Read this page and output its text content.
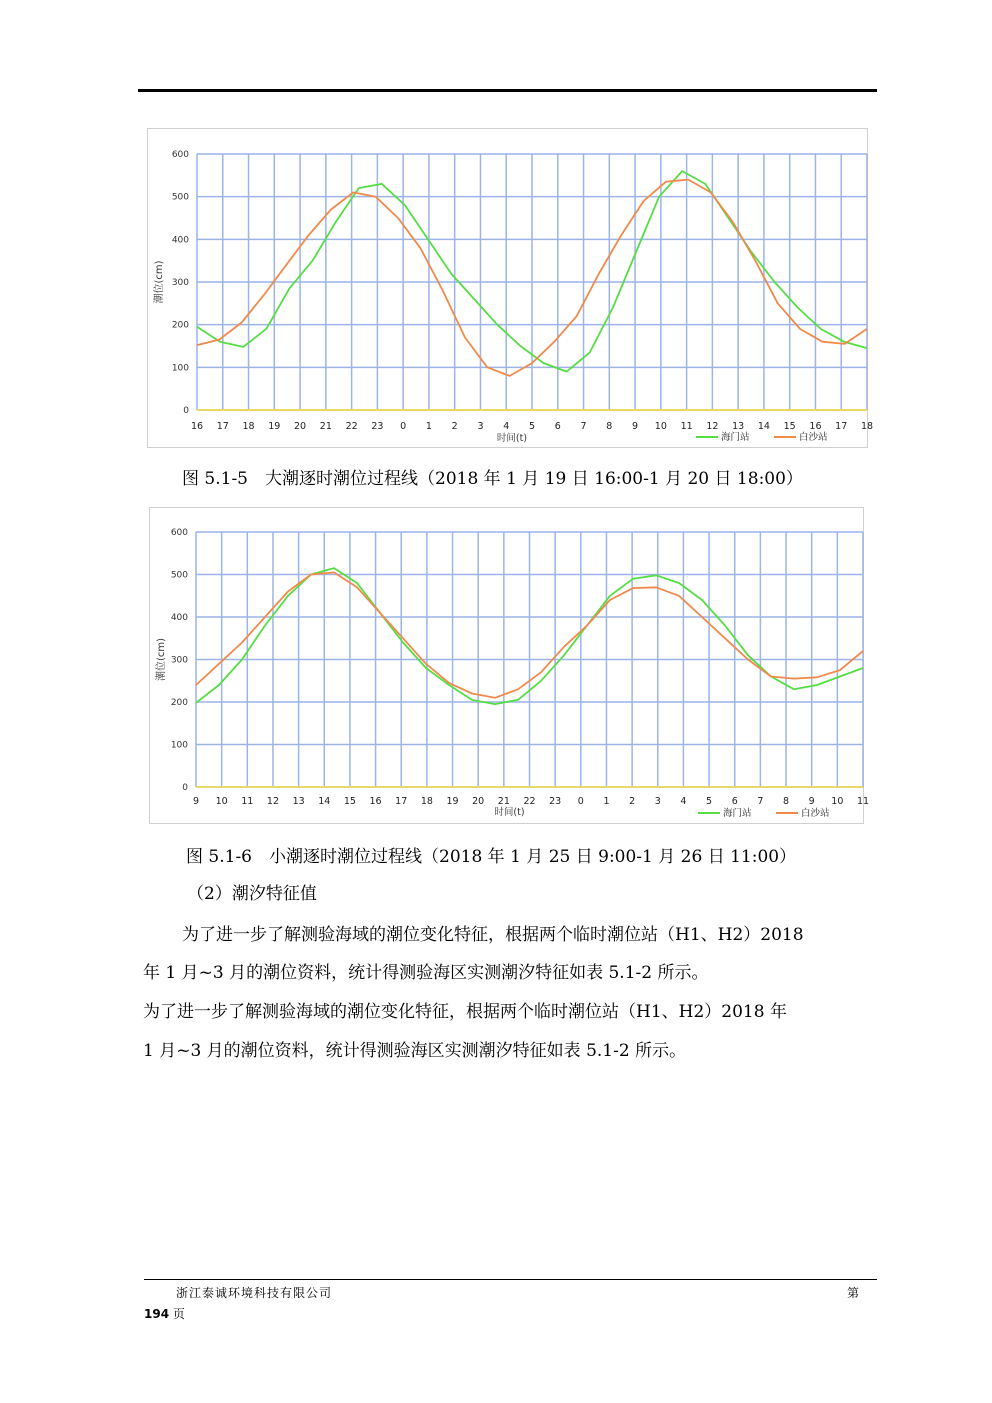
0
100
200
300
400
500
600
16 17 18 19 20 21 22 23 0 1 2 3 4 5 6 7 8 9 10 11 12 13 14 15 16 17 18
潮位(cm)
时间(t)	海门站	白沙站
图 5.1-5　大潮逐时潮位过程线（2018 年 1 月 19 日 16:00-1 月 20 日 18:00）
0
100
200
300
400
500
600
9 10 11 12 13 14 15 16 17 18 19 20 21 22 23 0 1 2 3 4 5 6 7 8 9 10 11
潮位(cm)
时间(t)	海门站	白沙站
图 5.1-6　小潮逐时潮位过程线（2018 年 1 月 25 日 9:00-1 月 26 日 11:00）
（2）潮汐特征值
为了进一步了解测验海域的潮位变化特征，根据两个临时潮位站（H1、H2）2018
年 1 月~3 月的潮位资料，统计得测验海区实测潮汐特征如表 5.1-2 所示。
为了进一步了解测验海域的潮位变化特征，根据两个临时潮位站（H1、H2）2018 年
1 月~3 月的潮位资料，统计得测验海区实测潮汐特征如表 5.1-2 所示。
浙江泰诚环境科技有限公司	第
194 页
